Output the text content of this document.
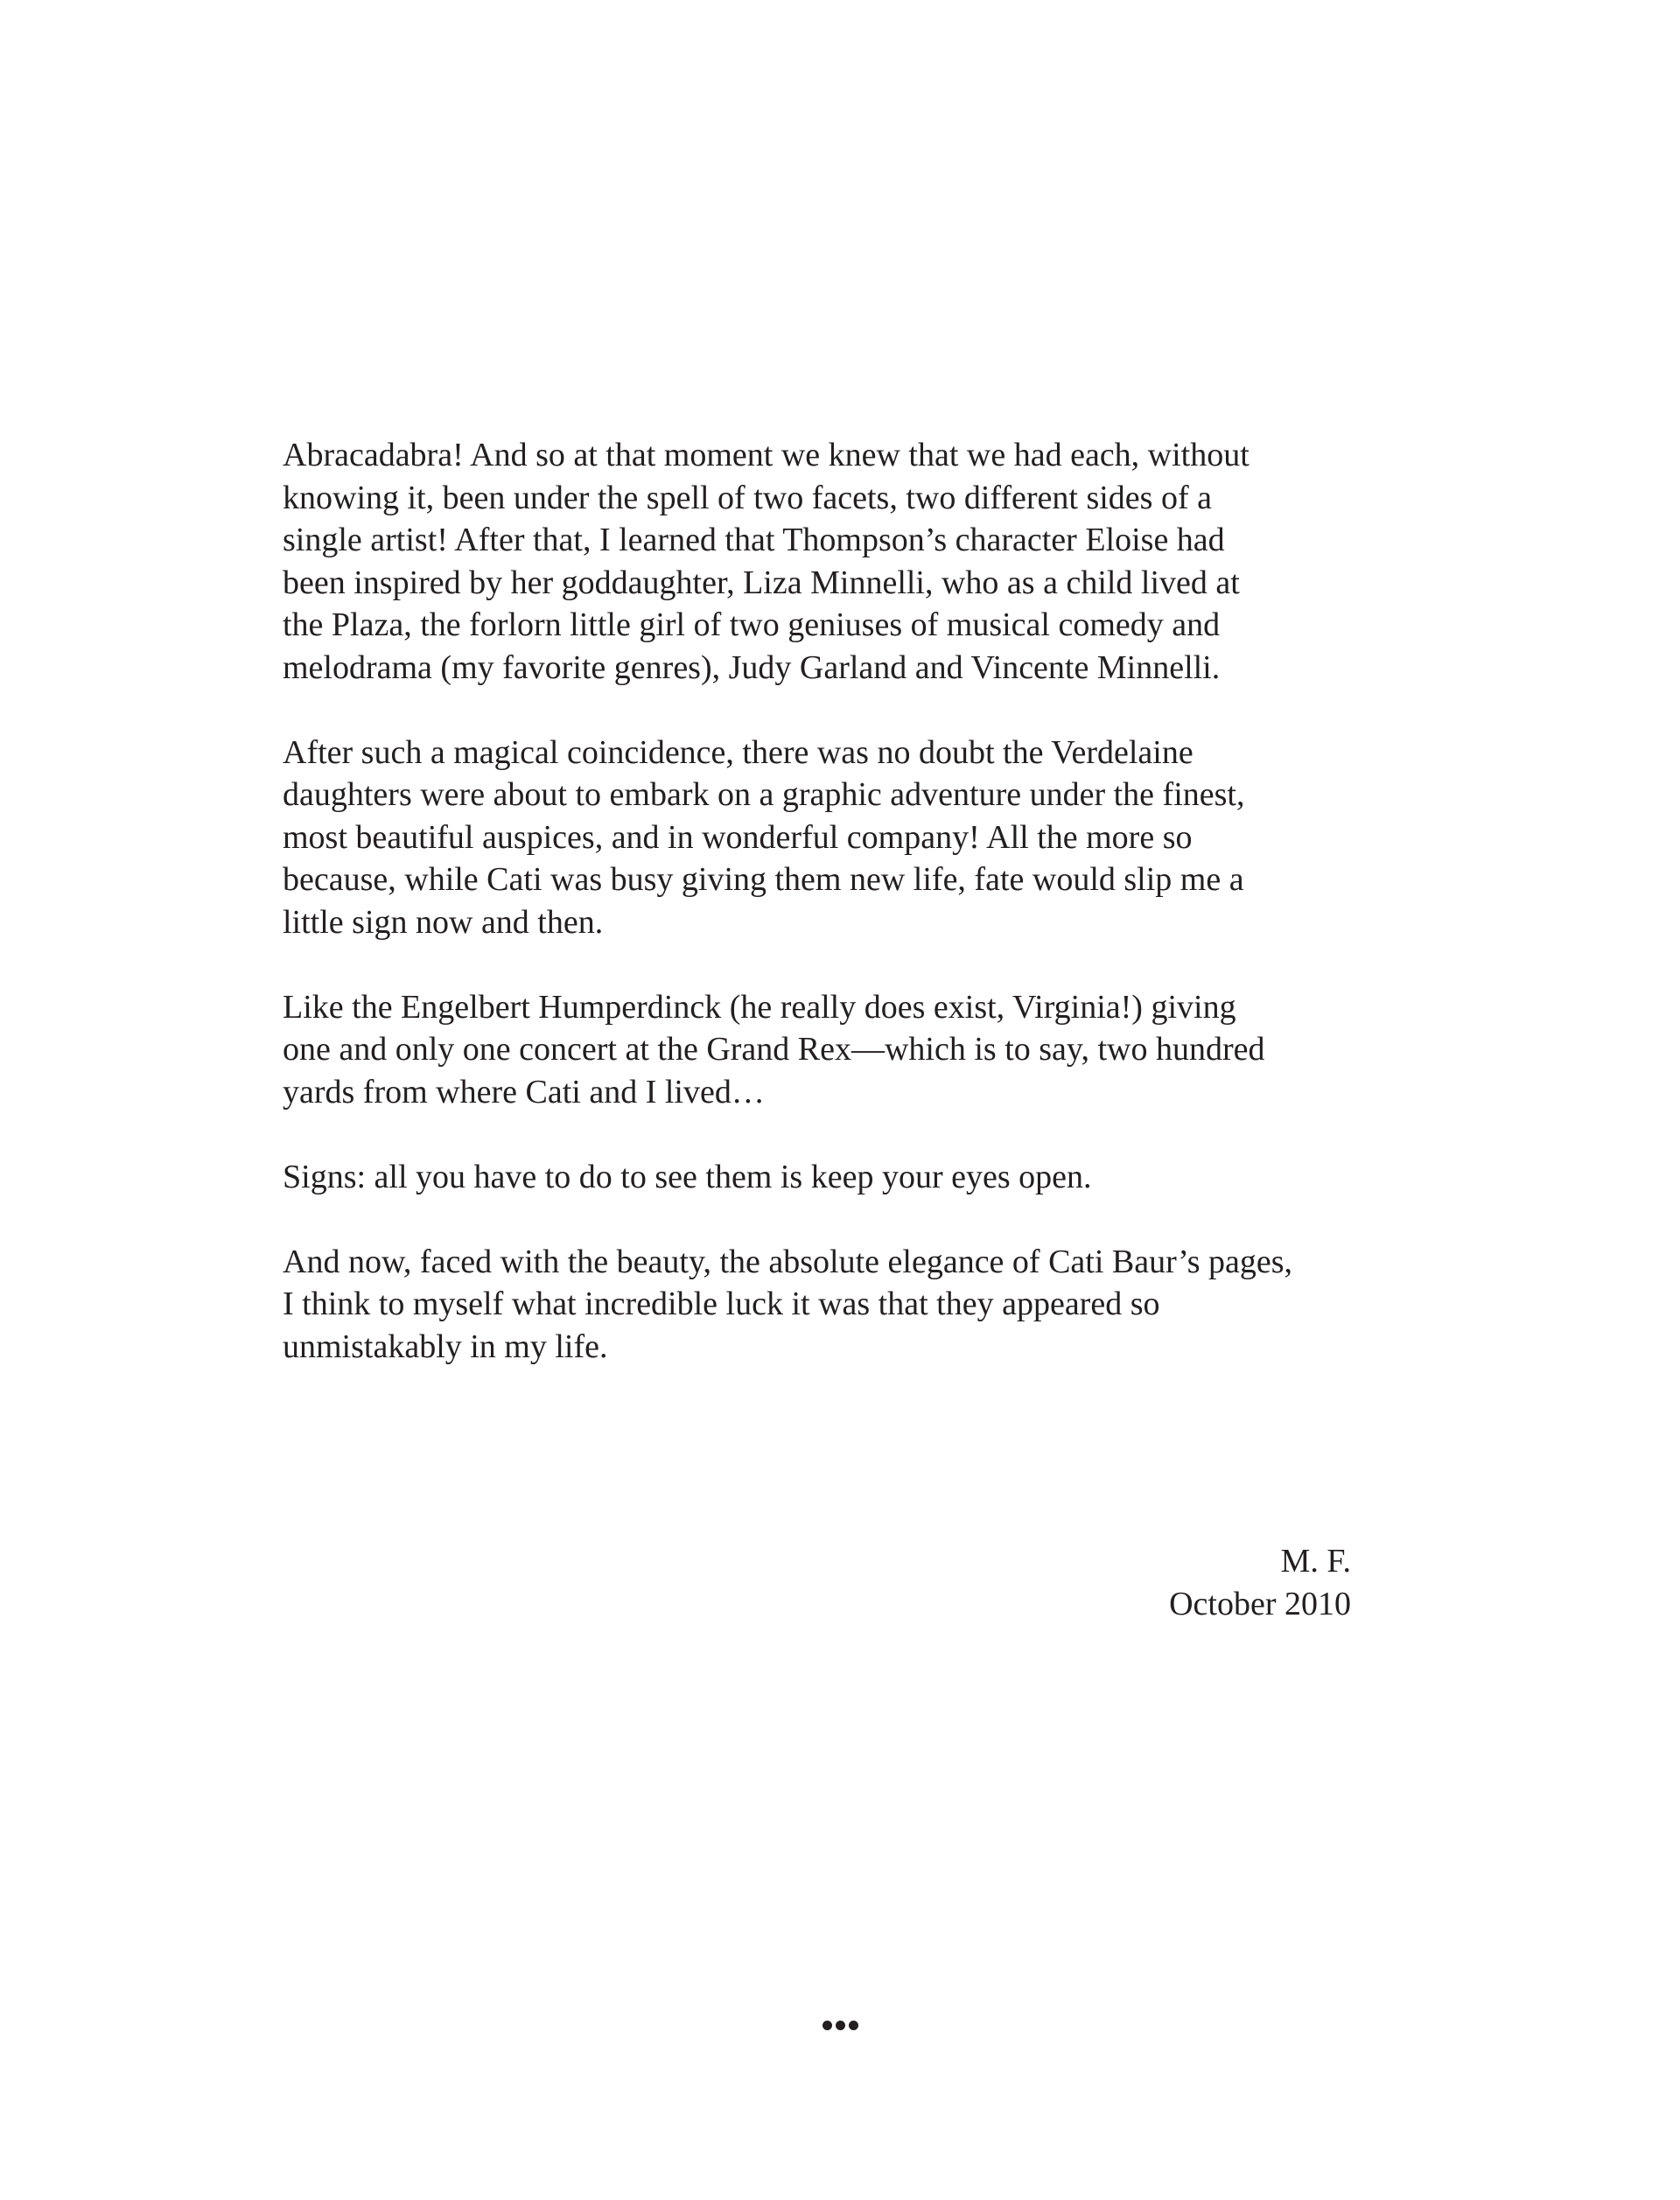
Abracadabra! And so at that moment we knew that we had each, without
knowing it, been under the spell of two facets, two different sides of a
single artist! After that, I learned that Thompson’s character Eloise had
been inspired by her goddaughter, Liza Minnelli, who as a child lived at
the Plaza, the forlorn little girl of two geniuses of musical comedy and
melodrama (my favorite genres), Judy Garland and Vincente Minnelli.

After such a magical coincidence, there was no doubt the Verdelaine
daughters were about to embark on a graphic adventure under the finest,
most beautiful auspices, and in wonderful company! All the more so
because, while Cati was busy giving them new life, fate would slip me a
little sign now and then.

Like the Engelbert Humperdinck (he really does exist, Virginia!) giving
one and only one concert at the Grand Rex—which is to say, two hundred
yards from where Cati and I lived…

Signs: all you have to do to see them is keep your eyes open.

And now, faced with the beauty, the absolute elegance of Cati Baur’s pages,
I think to myself what incredible luck it was that they appeared so
unmistakably in my life.

M. F.
October 2010
